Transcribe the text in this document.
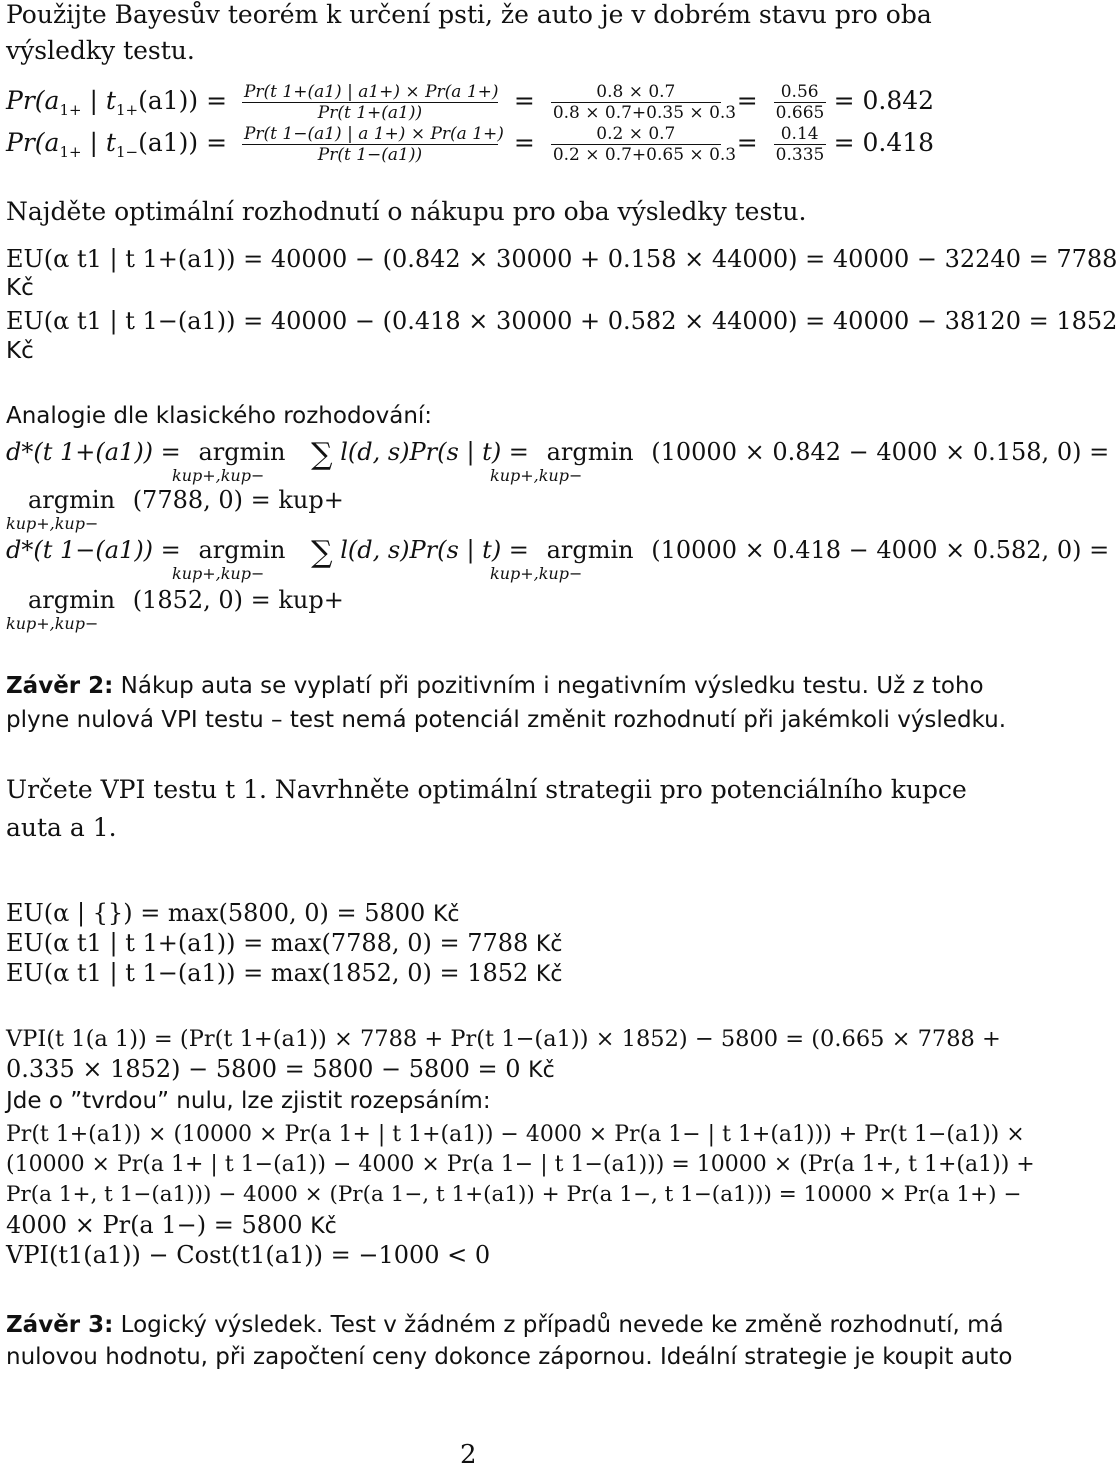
Použijte Bayesův teorém k určení psti, že auto je v dobrém stavu pro oba
výsledky testu.
$Pr(a_{1+}$ | $t_{1+}(a1)) = \frac{Pr(t 1+(a1) | a1+) \times Pr(a 1+)}{Pr(t 1+(a1))} = \frac{0.8 \times 0.7}{0.8 \times 0.7+0.35 \times 0.3} = \frac{0.56}{0.665} = 0.842$
$Pr(a_{1+}$ | $t_{1-}(a1)) = \frac{Pr(t 1-(a1) | a 1+) \times Pr(a 1+)}{Pr(t 1-(a1))} = \frac{0.2 \times 0.7}{0.2 \times 0.7+0.65 \times 0.3} = \frac{0.14}{0.335} = 0.418$
Najděte optimální rozhodnutí o nákupu pro oba výsledky testu.
EU(α t1 | t 1+(a1)) = 40000 − (0.842 × 30000 + 0.158 × 44000) = 40000 − 32240 = 7788
Kč
EU(α t1 | t 1−(a1)) = 40000 − (0.418 × 30000 + 0.582 × 44000) = 40000 − 38120 = 1852
Kč
Analogie dle klasického rozhodování:
d*(t 1+(a1)) = argmin ∑ l(d, s)Pr(s | t) = argmin (10000 × 0.842 − 4000 × 0.158, 0) =
kup+,kup−	kup+,kup−
argmin (7788, 0) = kup+
kup+,kup−
d*(t 1−(a1)) = argmin ∑ l(d, s)Pr(s | t) = argmin (10000 × 0.418 − 4000 × 0.582, 0) =
kup+,kup−	kup+,kup−
argmin (1852, 0) = kup+
kup+,kup−
Závěr 2: Nákup auta se vyplatí při pozitivním i negativním výsledku testu. Už z toho
plyne nulová VPI testu – test nemá potenciál změnit rozhodnutí při jakémkoli výsledku.
Určete VPI testu t 1. Navrhněte optimální strategii pro potenciálního kupce
auta a 1.
EU(α | {}) = max(5800, 0) = 5800 Kč
EU(α t1 | t 1+(a1)) = max(7788, 0) = 7788 Kč
EU(α t1 | t 1−(a1)) = max(1852, 0) = 1852 Kč
VPI(t 1(a 1)) = (Pr(t 1+(a1)) × 7788 + Pr(t 1−(a1)) × 1852) − 5800 = (0.665 × 7788 +
0.335 × 1852) − 5800 = 5800 − 5800 = 0 Kč
Jde o ”tvrdou” nulu, lze zjistit rozepsáním:
Pr(t 1+(a1)) × (10000 × Pr(a 1+ | t 1+(a1)) − 4000 × Pr(a 1− | t 1+(a1))) + Pr(t 1−(a1)) ×
(10000 × Pr(a 1+ | t 1−(a1)) − 4000 × Pr(a 1− | t 1−(a1))) = 10000 × (Pr(a 1+, t 1+(a1)) +
Pr(a 1+, t 1−(a1))) − 4000 × (Pr(a 1−, t 1+(a1)) + Pr(a 1−, t 1−(a1))) = 10000 × Pr(a 1+) −
4000 × Pr(a 1−) = 5800 Kč
VPI(t1(a1)) − Cost(t1(a1)) = −1000 < 0
Závěr 3: Logický výsledek. Test v žádném z případů nevede ke změně rozhodnutí, má
nulovou hodnotu, při započtení ceny dokonce zápornou. Ideální strategie je koupit auto
2
